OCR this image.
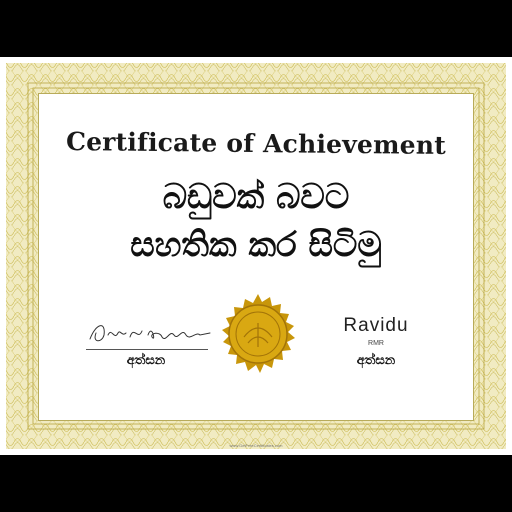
Certificate of Achievement
බඩුවක් බවට
සහතික කර සිටිමු
අත්සන
Ravidu
RMR
අත්සන
www.GetFreeCertificates.com
